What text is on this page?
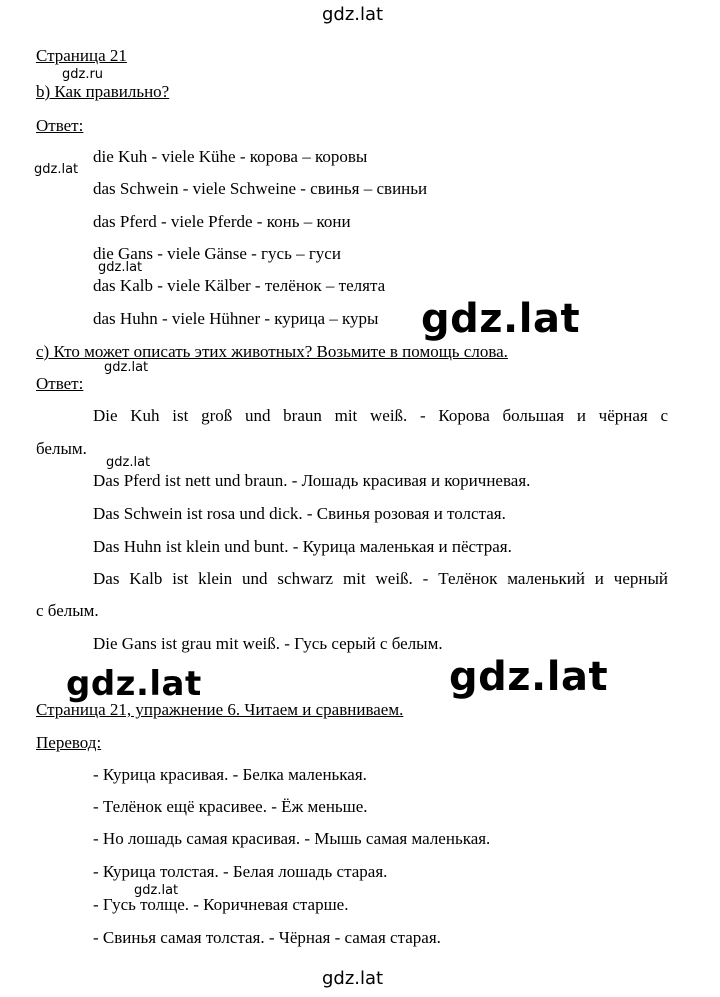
gdz.lat
gdz.lat
Страница 21
gdz.ru
b) Как правильно?
Ответ:
die Kuh - viele Kühe - корова – коровы
gdz.lat
das Schwein - viele Schweine - свинья – свиньи
das Pferd - viele Pferde - конь – кони
die Gans - viele Gänse - гусь – гуси
gdz.lat
das Kalb - viele Kälber - телёнок – телята
das Huhn - viele Hühner - курица – куры gdz.lat
c) Кто может описать этих животных? Возьмите в помощь слова.
gdz.lat
Ответ:
Die Kuh ist groß und braun mit weiß. - Корова большая и чёрная с
белым.
gdz.lat
Das Pferd ist nett und braun. - Лошадь красивая и коричневая.
Das Schwein ist rosa und dick. - Свинья розовая и толстая.
Das Huhn ist klein und bunt. - Курица маленькая и пёстрая.
Das Kalb ist klein und schwarz mit weiß. - Телёнок маленький и черный
с белым.
Die Gans ist grau mit weiß. - Гусь серый с белым.
gdz.lat	gdz.lat
Страница 21, упражнение 6. Читаем и сравниваем.
Перевод:
- Курица красивая. - Белка маленькая.
- Телёнок ещё красивее. - Ёж меньше.
- Но лошадь самая красивая. - Мышь самая маленькая.
- Курица толстая. - Белая лошадь старая.
gdz.lat
- Гусь толще. - Коричневая старше.
- Свинья самая толстая. - Чёрная - самая старая.
